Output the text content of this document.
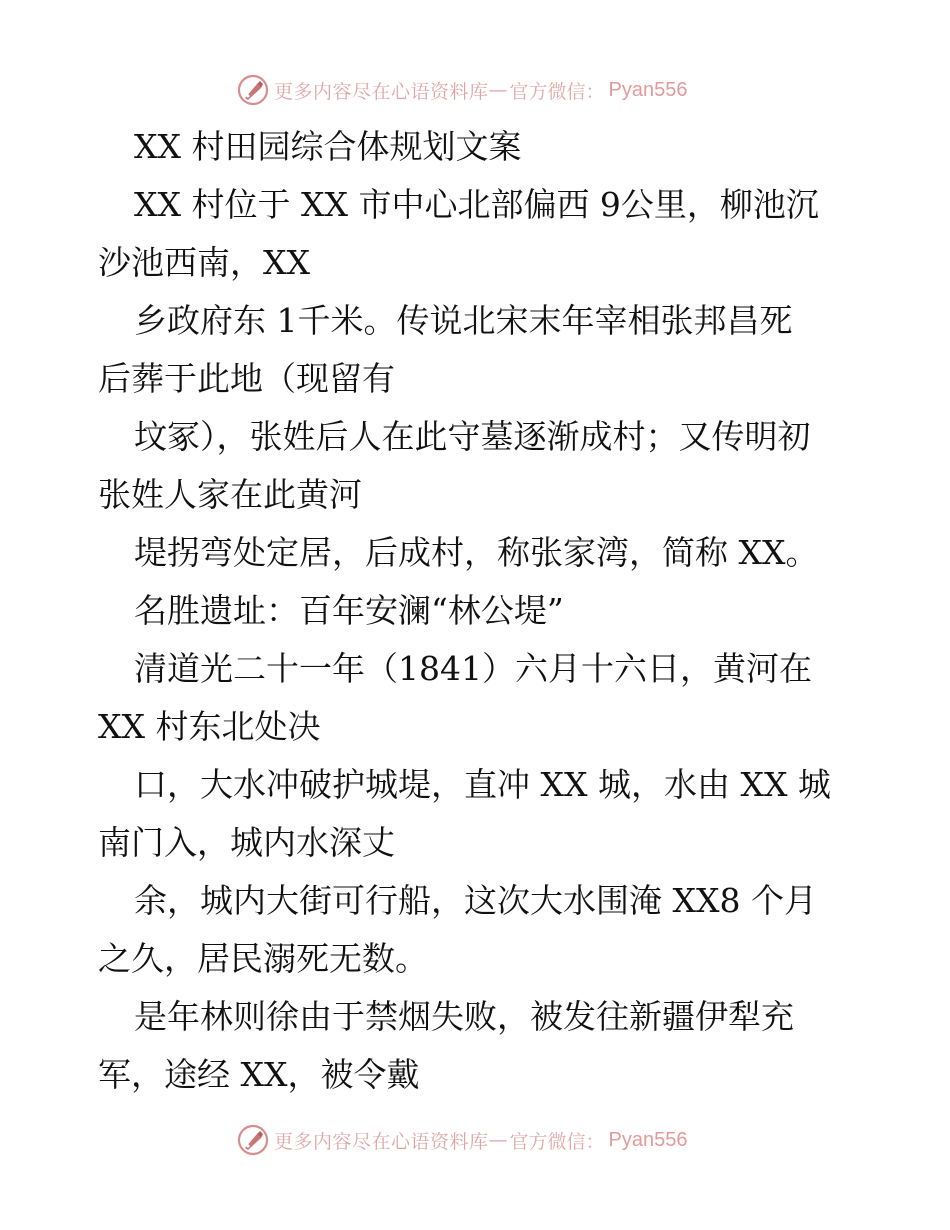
更多内容尽在心语资料库 — 官方微信： Pyan556
XX 村田园综合体规划文案
XX 村位于 XX 市中心北部偏西 9公里，柳池沉
沙池西南，XX
乡政府东 1千米。传说北宋末年宰相张邦昌死
后葬于此地（现留有
坟冢），张姓后人在此守墓逐渐成村；又传明初
张姓人家在此黄河
堤拐弯处定居，后成村，称张家湾，简称 XX。
名胜遗址：百年安澜“林公堤”
清道光二十一年（1841）六月十六日，黄河在
XX 村东北处决
口，大水冲破护城堤，直冲 XX 城，水由 XX 城
南门入，城内水深丈
余，城内大街可行船，这次大水围淹 XX8 个月
之久，居民溺死无数。
是年林则徐由于禁烟失败，被发往新疆伊犁充
军，途经 XX，被令戴
更多内容尽在心语资料库 — 官方微信： Pyan556
